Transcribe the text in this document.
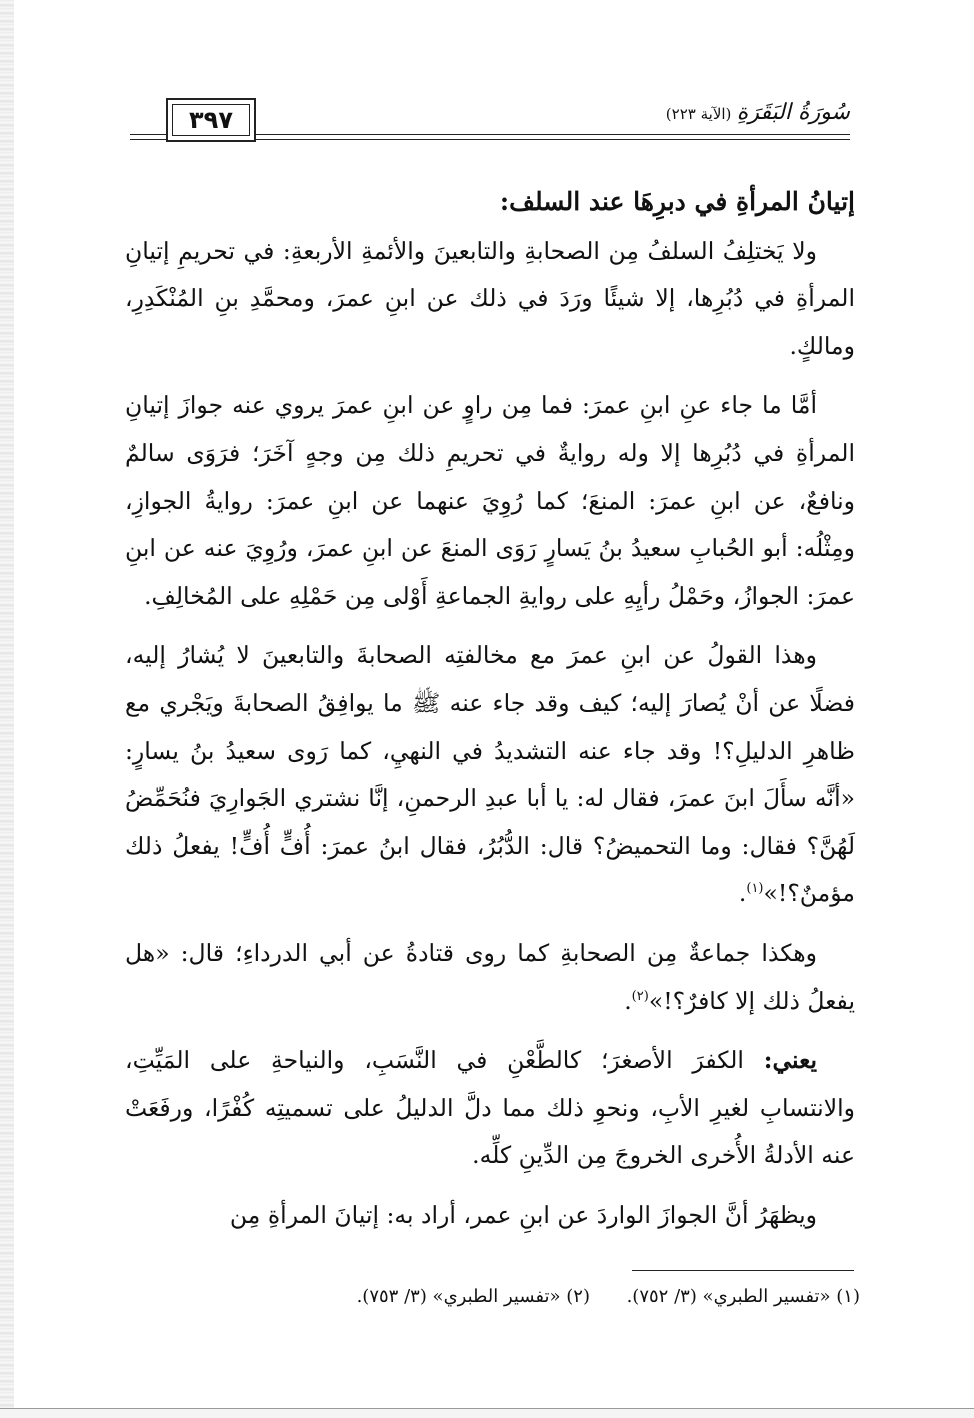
٣٩٧	سُورَةُ البَقَرَةِ (الآية ٢٢٣)
إتيانُ المرأةِ في دبرِهَا عند السلف:

ولا يَختلِفُ السلفُ مِن الصحابةِ والتابعينَ والأئمةِ الأربعةِ: في تحريمِ إتيانِ المرأةِ في دُبُرِها، إلا شيئًا ورَدَ في ذلك عن ابنِ عمرَ، ومحمَّدِ بنِ المُنْكَدِرِ، ومالكٍ.

أمَّا ما جاء عنِ ابنِ عمرَ: فما مِن راوٍ عن ابنِ عمرَ يروي عنه جوازَ إتيانِ المرأةِ في دُبُرِها إلا وله روايةٌ في تحريمِ ذلك مِن وجهٍ آخَرَ؛ فرَوَى سالمٌ ونافعٌ، عن ابنِ عمرَ: المنعَ؛ كما رُوِيَ عنهما عن ابنِ عمرَ: روايةُ الجوازِ، ومِثْلُه: أبو الحُبابِ سعيدُ بنُ يَسارٍ رَوَى المنعَ عن ابنِ عمرَ، ورُوِيَ عنه عن ابنِ عمرَ: الجوازُ، وحَمْلُ رأيِهِ على روايةِ الجماعةِ أَوْلى مِن حَمْلِهِ على المُخالِفِ.

وهذا القولُ عن ابنِ عمرَ مع مخالفتِه الصحابةَ والتابعينَ لا يُشارُ إليه، فضلًا عن أنْ يُصارَ إليه؛ كيف وقد جاء عنه ﷺ ما يوافِقُ الصحابةَ ويَجْري مع ظاهرِ الدليلِ؟! وقد جاء عنه التشديدُ في النهيِ، كما رَوى سعيدُ بنُ يسارٍ: «أنَّه سأَلَ ابنَ عمرَ، فقال له: يا أبا عبدِ الرحمنِ، إنَّا نشتري الجَوارِيَ فنُحَمِّضُ لَهُنَّ؟ فقال: وما التحميضُ؟ قال: الدُّبُرُ، فقال ابنُ عمرَ: أُفٍّ أُفٍّ! يفعلُ ذلك مؤمنٌ؟!»$^{(١)}$.

وهكذا جماعةٌ مِن الصحابةِ كما روى قتادةُ عن أبي الدرداءِ؛ قال: «هل يفعلُ ذلك إلا كافرٌ؟!»$^{(٢)}$.

يعني: الكفرَ الأصغرَ؛ كالطَّعْنِ في النَّسَبِ، والنياحةِ على المَيِّتِ، والانتسابِ لغيرِ الأبِ، ونحوِ ذلك مما دلَّ الدليلُ على تسميتِه كُفْرًا، ورفَعَتْ عنه الأدلةُ الأُخرى الخروجَ مِن الدِّينِ كلِّه.

ويظهَرُ أنَّ الجوازَ الواردَ عن ابنِ عمر، أراد به: إتيانَ المرأةِ مِن

(١) «تفسير الطبري» (٣/ ٧٥٢).
(٢) «تفسير الطبري» (٣/ ٧٥٣).
